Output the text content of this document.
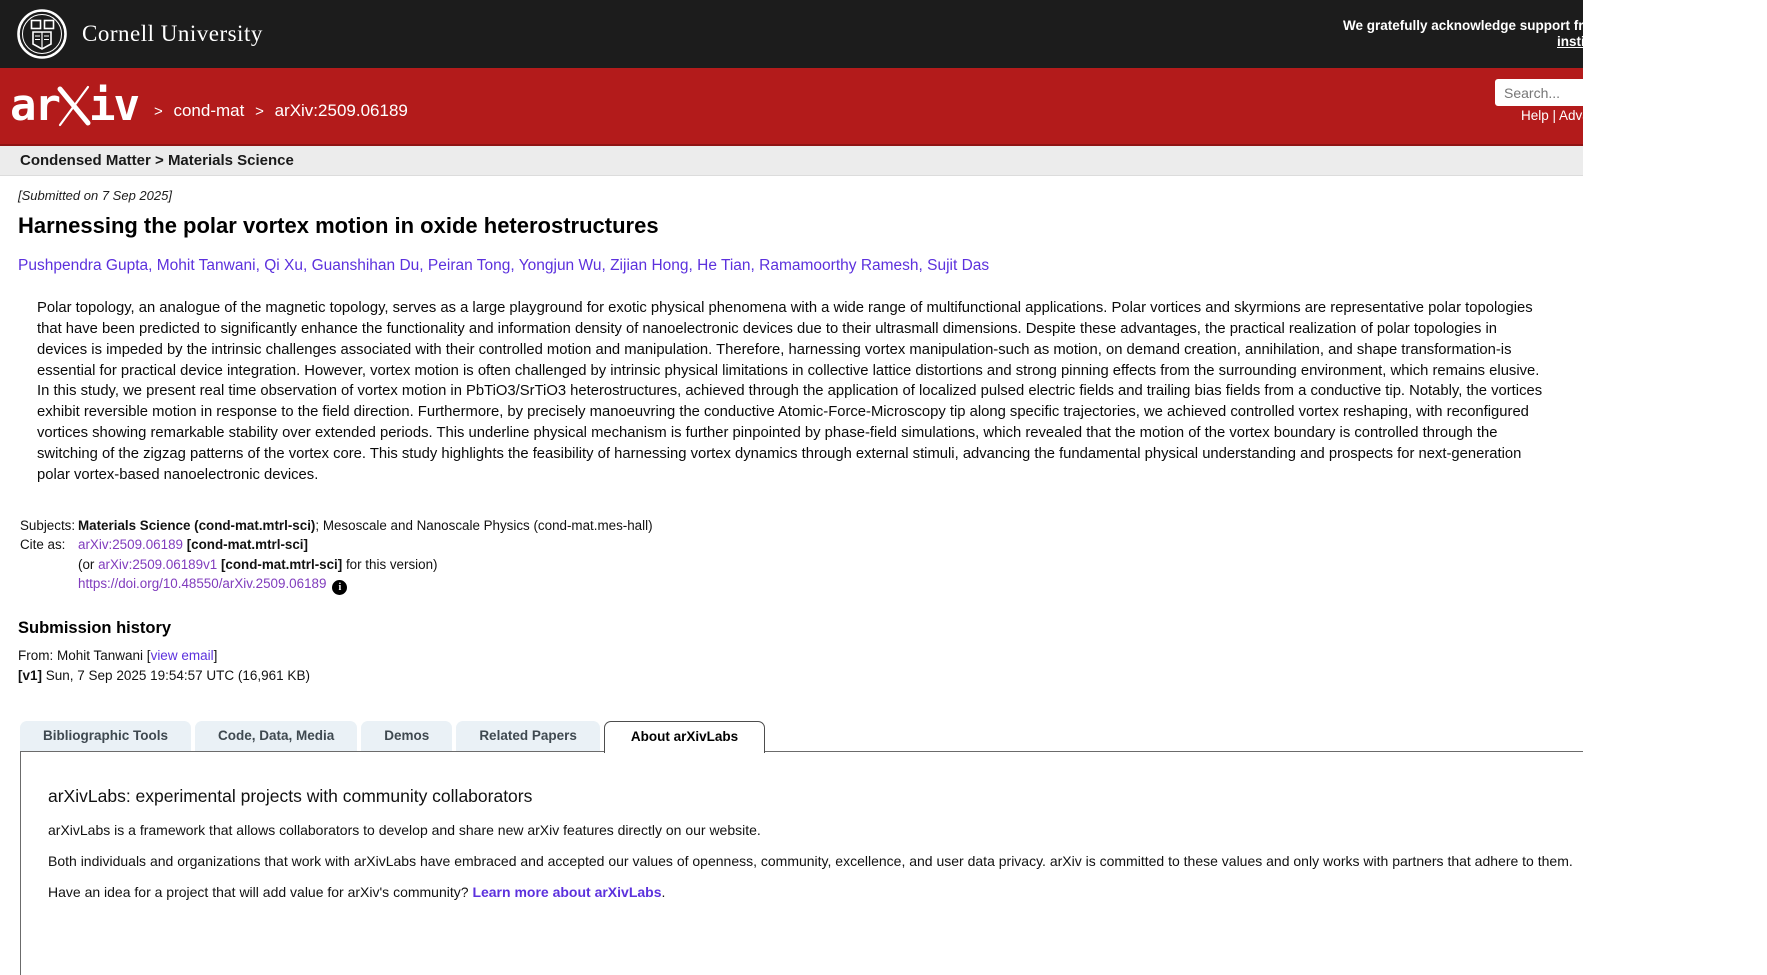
Cornell University	We gratefully acknowledge support from the Simons Foundation,
institutions, and all contributors.
ar iv	> cond-mat > arXiv:2509.06189
Search...	Help | Advanced Search
Condensed Matter > Materials Science
[Submitted on 7 Sep 2025]
Harnessing the polar vortex motion in oxide heterostructures
Pushpendra Gupta, Mohit Tanwani, Qi Xu, Guanshihan Du, Peiran Tong, Yongjun Wu, Zijian Hong, He Tian, Ramamoorthy Ramesh, Sujit Das

Polar topology, an analogue of the magnetic topology, serves as a large playground for exotic physical phenomena with a wide range of multifunctional applications. Polar vortices and skyrmions are representative polar topologies that have been predicted to significantly enhance the functionality and information density of nanoelectronic devices due to their ultrasmall dimensions. Despite these advantages, the practical realization of polar topologies in devices is impeded by the intrinsic challenges associated with their controlled motion and manipulation. Therefore, harnessing vortex manipulation-such as motion, on demand creation, annihilation, and shape transformation-is essential for practical device integration. However, vortex motion is often challenged by intrinsic physical limitations in collective lattice distortions and strong pinning effects from the surrounding environment, which remains elusive. In this study, we present real time observation of vortex motion in PbTiO3/SrTiO3 heterostructures, achieved through the application of localized pulsed electric fields and trailing bias fields from a conductive tip. Notably, the vortices exhibit reversible motion in response to the field direction. Furthermore, by precisely manoeuvring the conductive Atomic-Force-Microscopy tip along specific trajectories, we achieved controlled vortex reshaping, with reconfigured vortices showing remarkable stability over extended periods. This underline physical mechanism is further pinpointed by phase-field simulations, which revealed that the motion of the vortex boundary is controlled through the switching of the zigzag patterns of the vortex core. This study highlights the feasibility of harnessing vortex dynamics through external stimuli, advancing the fundamental physical understanding and prospects for next-generation polar vortex-based nanoelectronic devices.

Subjects: Materials Science (cond-mat.mtrl-sci); Mesoscale and Nanoscale Physics (cond-mat.mes-hall)
Cite as: arXiv:2509.06189 [cond-mat.mtrl-sci]
(or arXiv:2509.06189v1 [cond-mat.mtrl-sci] for this version)
https://doi.org/10.48550/arXiv.2509.06189 i
Submission history
From: Mohit Tanwani [view email]
[v1] Sun, 7 Sep 2025 19:54:57 UTC (16,961 KB)
Bibliographic Tools	Code, Data, Media	Demos	Related Papers	About arXivLabs
arXivLabs: experimental projects with community collaborators

arXivLabs is a framework that allows collaborators to develop and share new arXiv features directly on our website.

Both individuals and organizations that work with arXivLabs have embraced and accepted our values of openness, community, excellence, and user data privacy. arXiv is committed to these values and only works with partners that adhere to them.

Have an idea for a project that will add value for arXiv's community? Learn more about arXivLabs.
